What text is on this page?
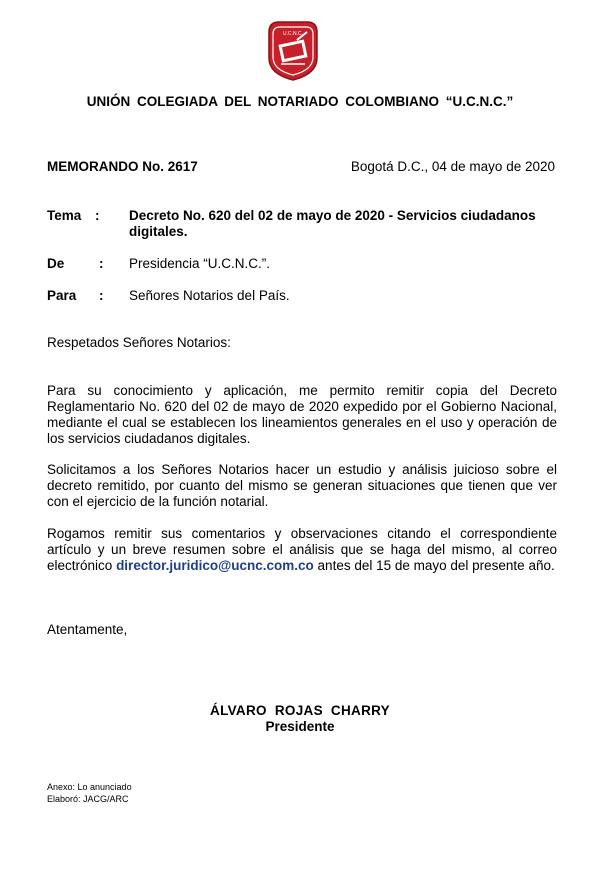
U.C.N.C.
UNIÓN COLEGIADA DEL NOTARIADO COLOMBIANO “U.C.N.C.”
MEMORANDO No. 2617	Bogotá D.C., 04 de mayo de 2020
Tema : Decreto No. 620 del 02 de mayo de 2020 - Servicios ciudadanos digitales.
De	: Presidencia “U.C.N.C.”.
Para : Señores Notarios del País.
Respetados Señores Notarios:
Para su conocimiento y aplicación, me permito remitir copia del Decreto Reglamentario No. 620 del 02 de mayo de 2020 expedido por el Gobierno Nacional, mediante el cual se establecen los lineamientos generales en el uso y operación de los servicios ciudadanos digitales.
Solicitamos a los Señores Notarios hacer un estudio y análisis juicioso sobre el decreto remitido, por cuanto del mismo se generan situaciones que tienen que ver con el ejercicio de la función notarial.
Rogamos remitir sus comentarios y observaciones citando el correspondiente artículo y un breve resumen sobre el análisis que se haga del mismo, al correo electrónico director.juridico@ucnc.com.co antes del 15 de mayo del presente año.
Atentamente,
ÁLVARO ROJAS CHARRY
Presidente
Anexo: Lo anunciado
Elaboró: JACG/ARC
